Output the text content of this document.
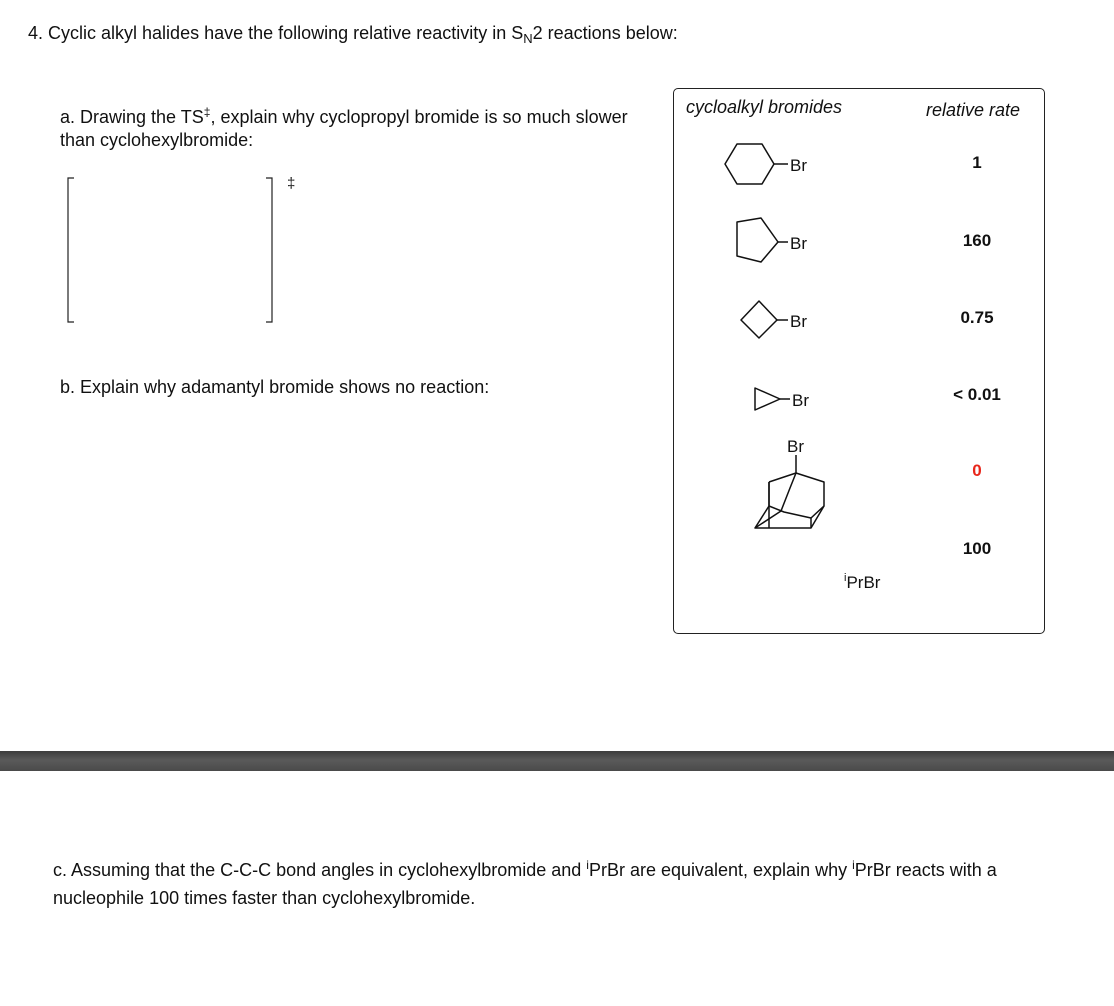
4. Cyclic alkyl halides have the following relative reactivity in $S_N2$ reactions below:
a. Drawing the TS‡, explain why cyclopropyl bromide is so much slower than cyclohexylbromide:
‡
b. Explain why adamantyl bromide shows no reaction:
cycloalkyl bromides	relative rate
Br
Br
Br
Br
Br
$^i$PrBr
1
160
0.75
< 0.01
0
100
c. Assuming that the C-C-C bond angles in cyclohexylbromide and $^i$PrBr are equivalent, explain why $^i$PrBr reacts with a nucleophile 100 times faster than cyclohexylbromide.
